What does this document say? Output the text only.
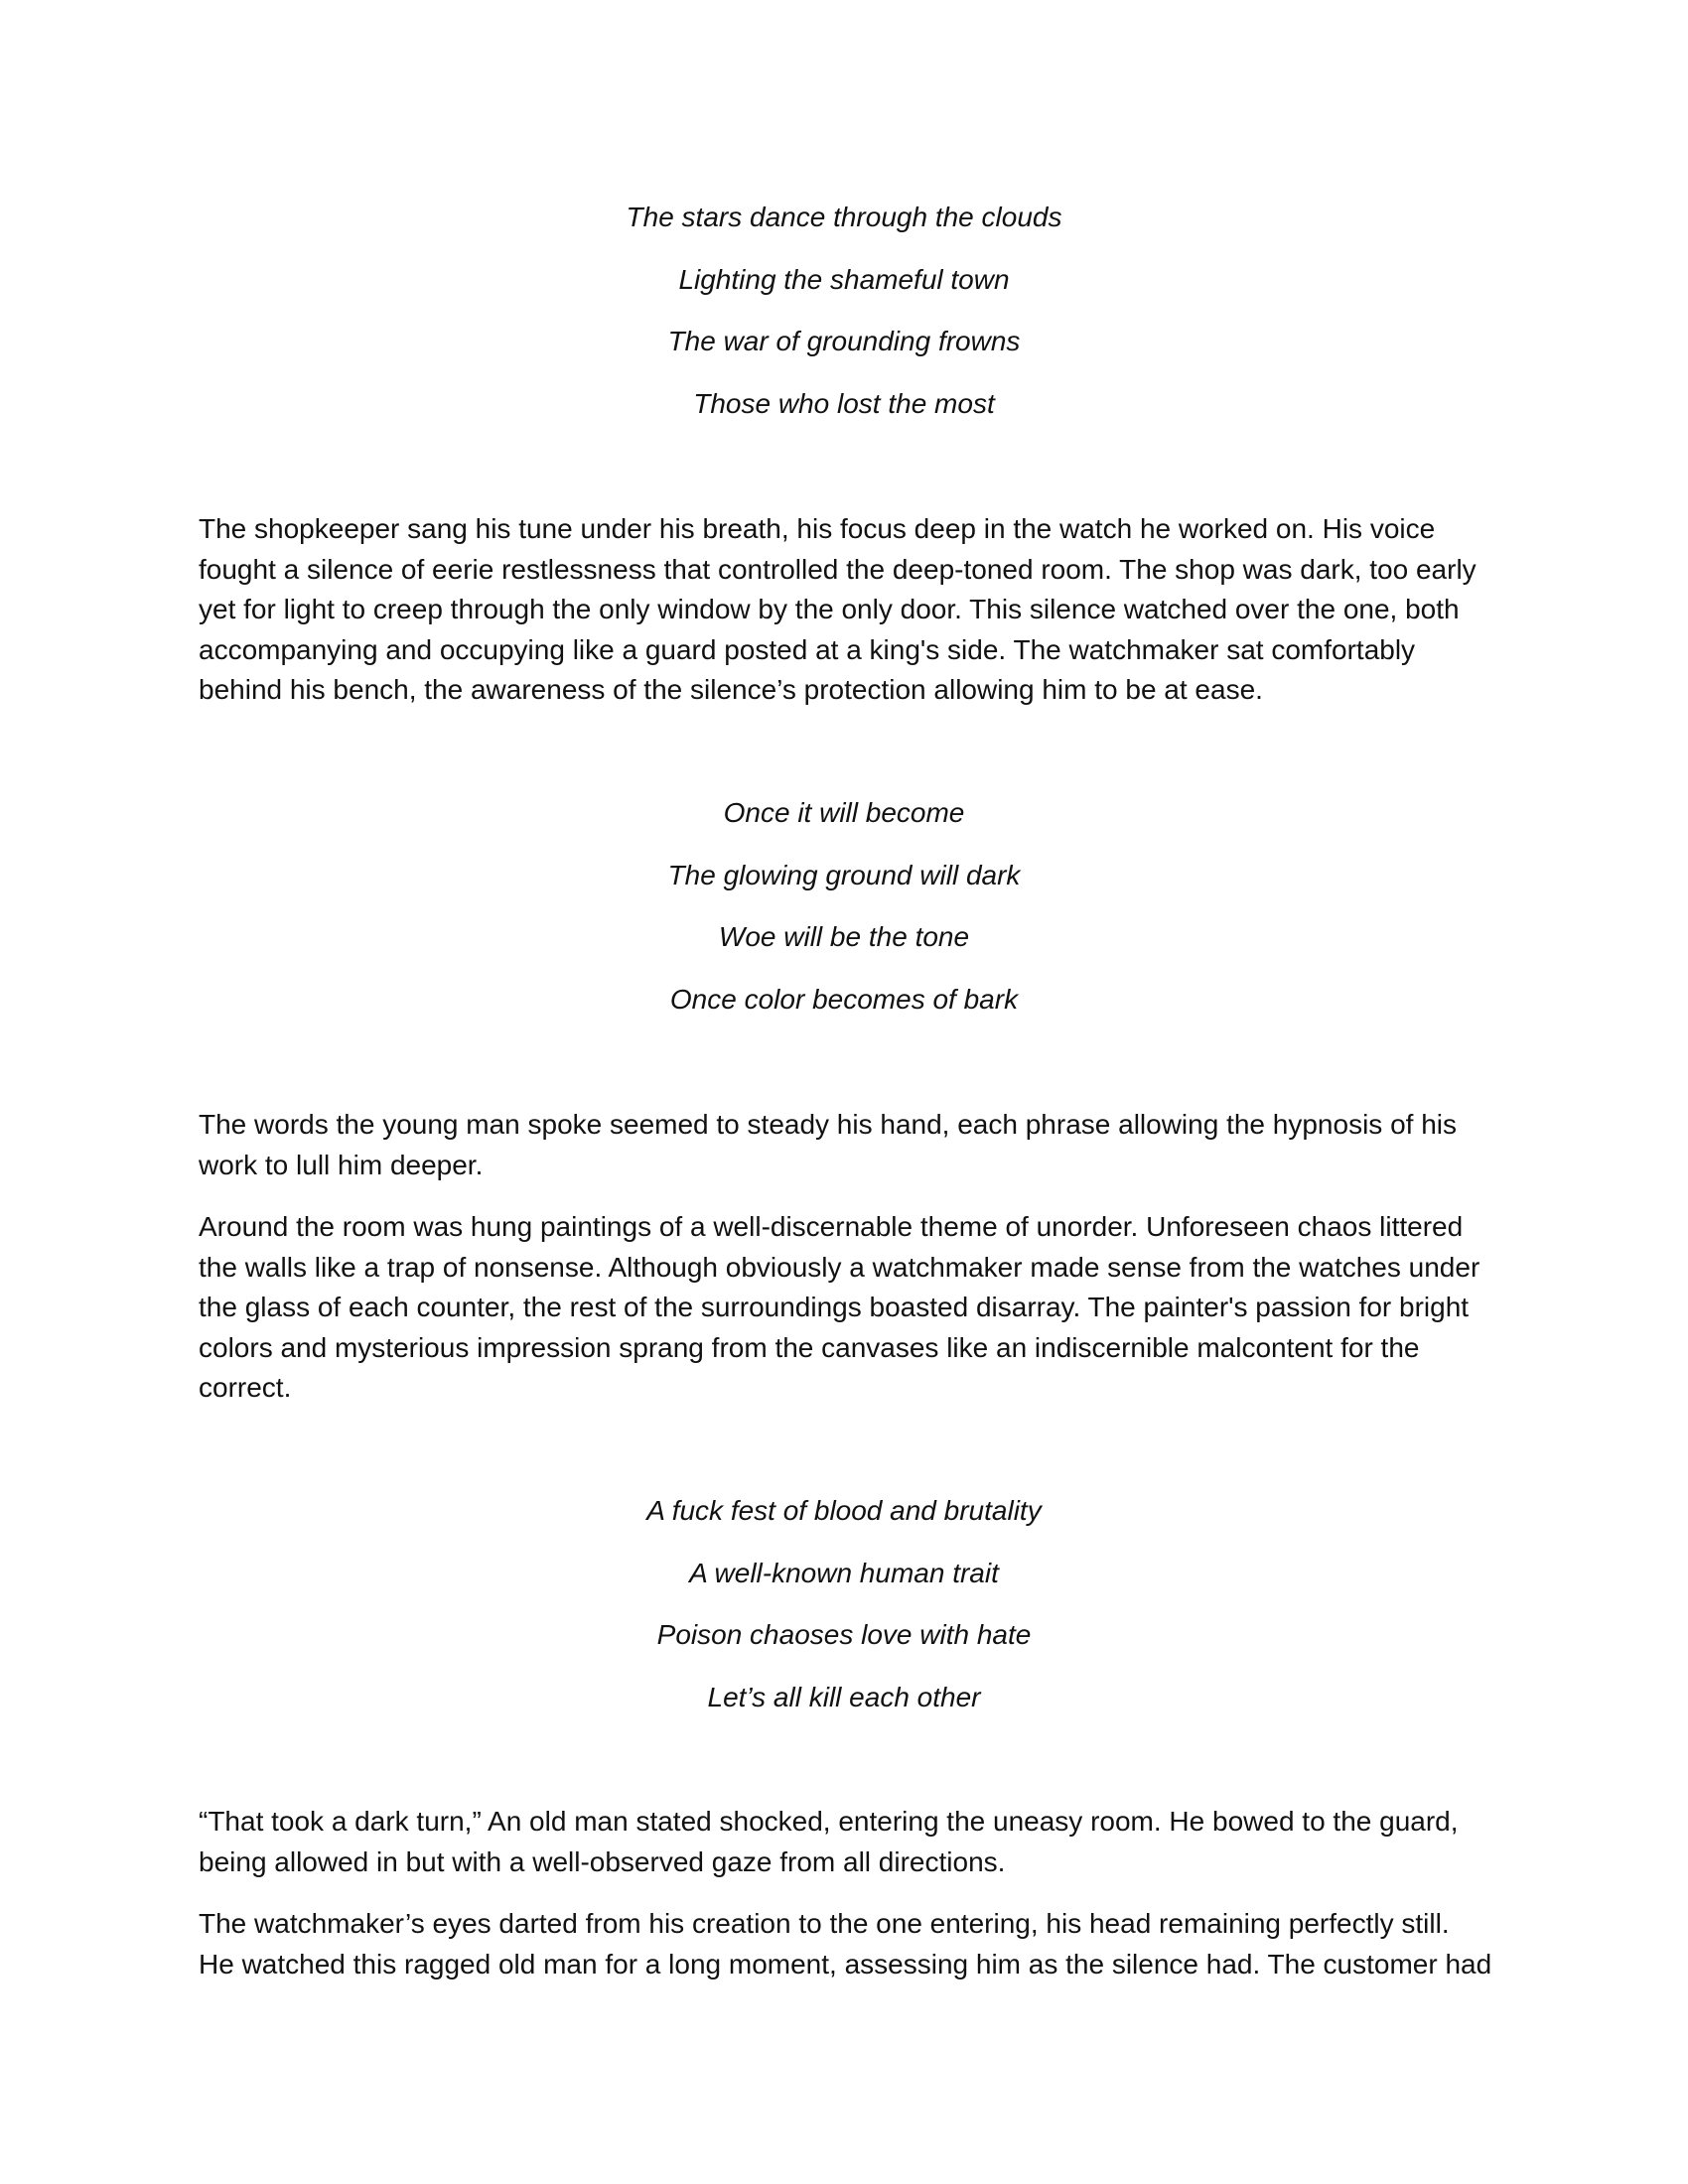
The stars dance through the clouds

Lighting the shameful town

The war of grounding frowns

Those who lost the most

The shopkeeper sang his tune under his breath, his focus deep in the watch he worked on. His voice
fought a silence of eerie restlessness that controlled the deep-toned room. The shop was dark, too early
yet for light to creep through the only window by the only door. This silence watched over the one, both
accompanying and occupying like a guard posted at a king's side. The watchmaker sat comfortably
behind his bench, the awareness of the silence’s protection allowing him to be at ease.

Once it will become

The glowing ground will dark

Woe will be the tone

Once color becomes of bark

The words the young man spoke seemed to steady his hand, each phrase allowing the hypnosis of his
work to lull him deeper.
Around the room was hung paintings of a well-discernable theme of unorder. Unforeseen chaos littered
the walls like a trap of nonsense. Although obviously a watchmaker made sense from the watches under
the glass of each counter, the rest of the surroundings boasted disarray. The painter's passion for bright
colors and mysterious impression sprang from the canvases like an indiscernible malcontent for the
correct.

A fuck fest of blood and brutality

A well-known human trait

Poison chaoses love with hate

Let’s all kill each other

“That took a dark turn,” An old man stated shocked, entering the uneasy room. He bowed to the guard,
being allowed in but with a well-observed gaze from all directions.
The watchmaker’s eyes darted from his creation to the one entering, his head remaining perfectly still.
He watched this ragged old man for a long moment, assessing him as the silence had. The customer had
